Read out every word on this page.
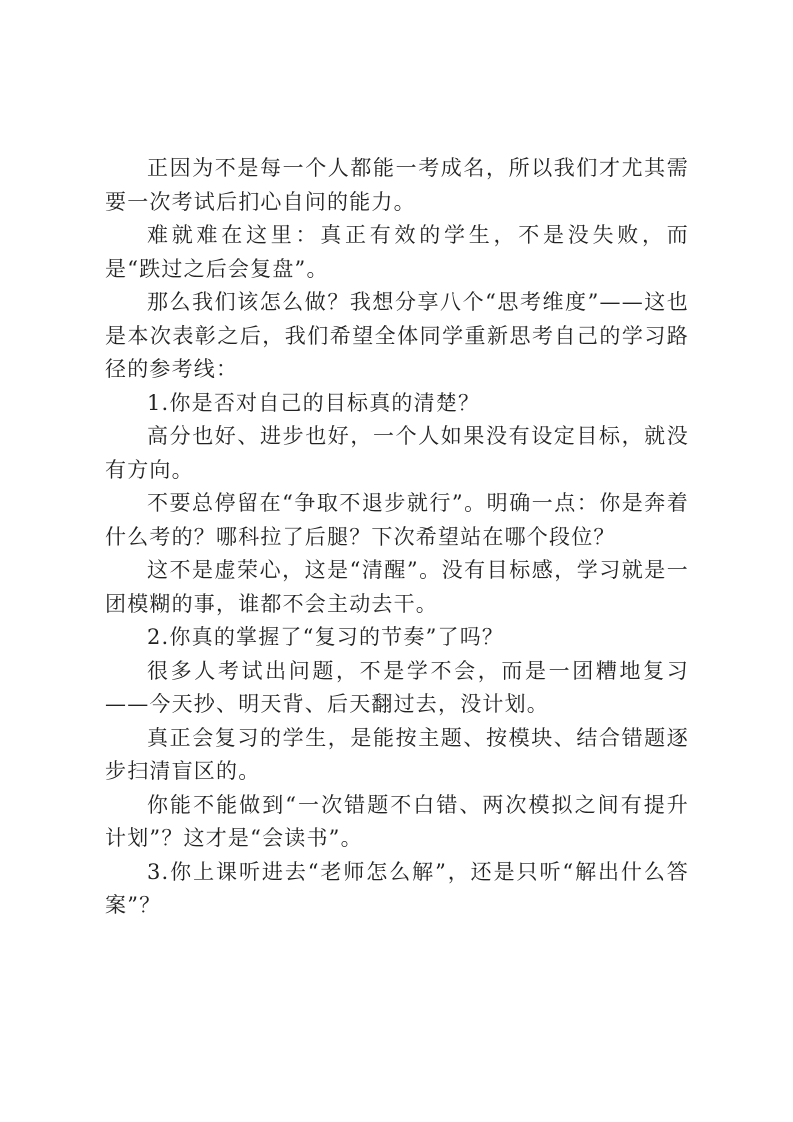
正因为不是每一个人都能一考成名，所以我们才尤其需要一次考试后扪心自问的能力。

难就难在这里：真正有效的学生，不是没失败，而是“跌过之后会复盘”。

那么我们该怎么做？我想分享八个“思考维度”——这也是本次表彰之后，我们希望全体同学重新思考自己的学习路径的参考线：

1.你是否对自己的目标真的清楚？

高分也好、进步也好，一个人如果没有设定目标，就没有方向。

不要总停留在“争取不退步就行”。明确一点：你是奔着什么考的？哪科拉了后腿？下次希望站在哪个段位？

这不是虚荣心，这是“清醒”。没有目标感，学习就是一团模糊的事，谁都不会主动去干。

2.你真的掌握了“复习的节奏”了吗？

很多人考试出问题，不是学不会，而是一团糟地复习——今天抄、明天背、后天翻过去，没计划。

真正会复习的学生，是能按主题、按模块、结合错题逐步扫清盲区的。

你能不能做到“一次错题不白错、两次模拟之间有提升计划”？这才是“会读书”。

3.你上课听进去“老师怎么解”，还是只听“解出什么答案”？
